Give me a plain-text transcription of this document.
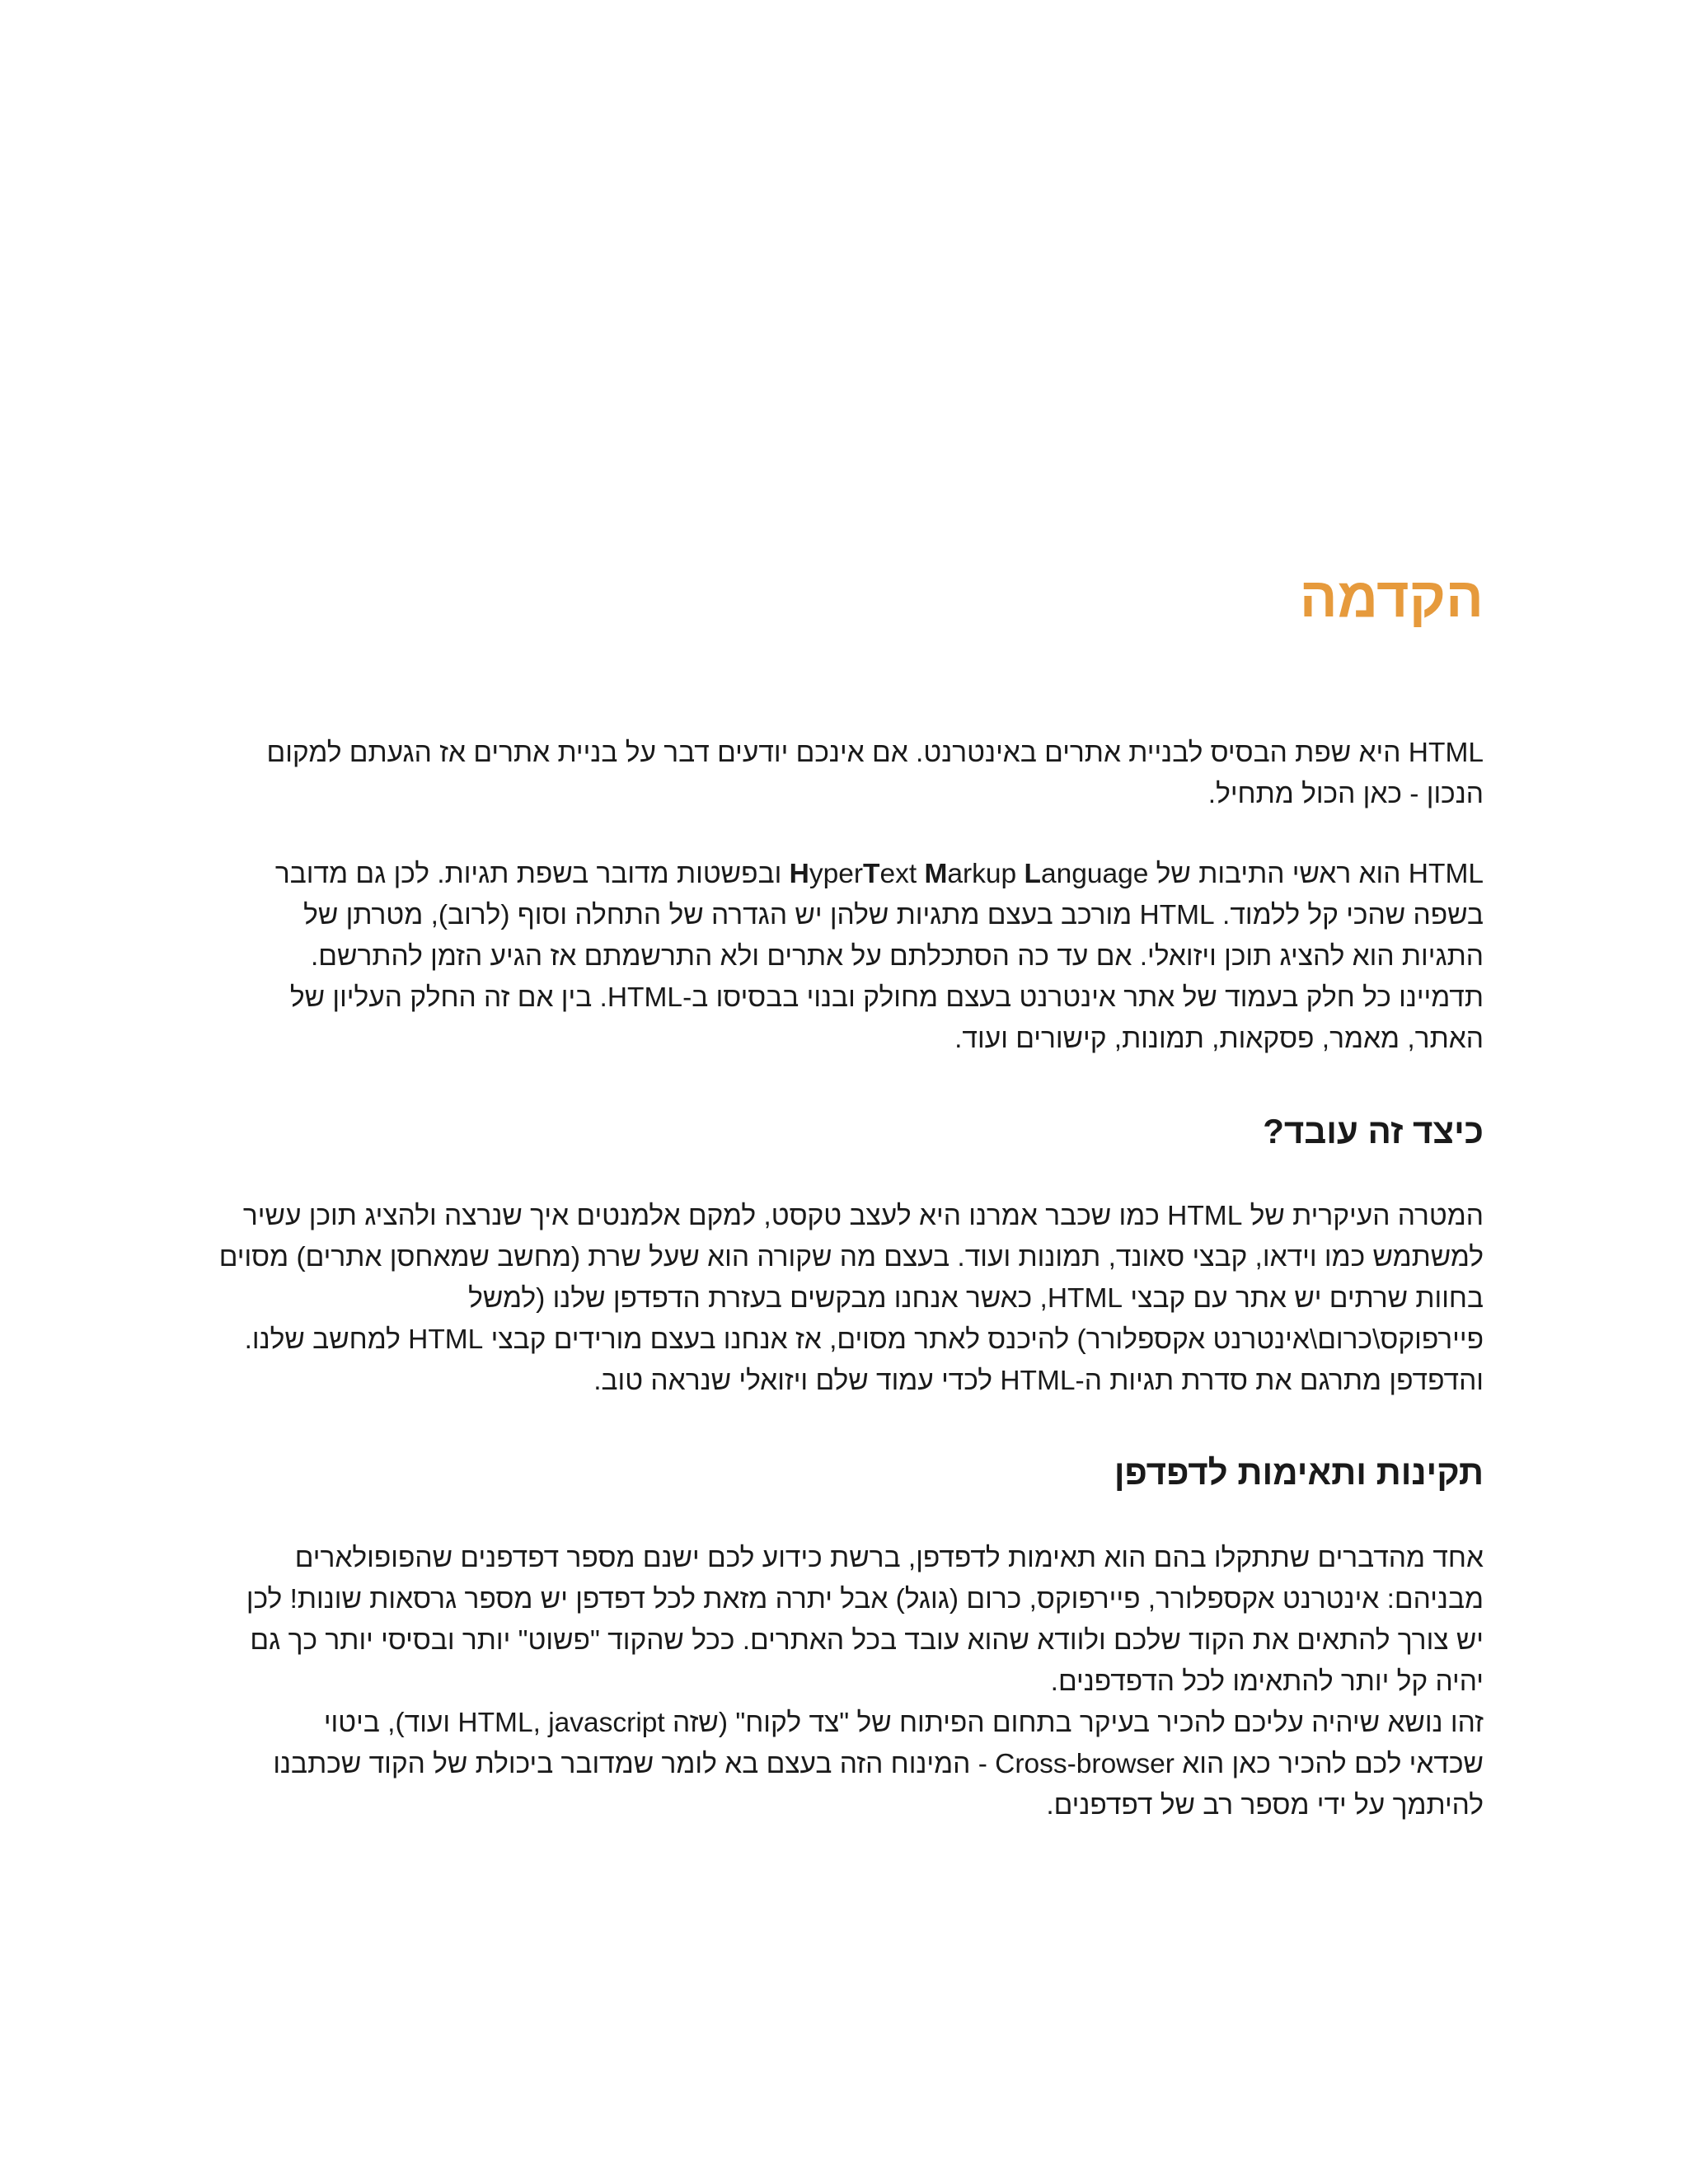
הקדמה
HTML היא שפת הבסיס לבניית אתרים באינטרנט. אם אינכם יודעים דבר על בניית אתרים אז הגעתם למקום
הנכון - כאן הכול מתחיל.
HTML הוא ראשי התיבות של HyperText Markup Language ובפשטות מדובר בשפת תגיות. לכן גם מדובר
בשפה שהכי קל ללמוד. HTML מורכב בעצם מתגיות שלהן יש הגדרה של התחלה וסוף (לרוב), מטרתן של
התגיות הוא להציג תוכן ויזואלי. אם עד כה הסתכלתם על אתרים ולא התרשמתם אז הגיע הזמן להתרשם.
תדמיינו כל חלק בעמוד של אתר אינטרנט בעצם מחולק ובנוי בבסיסו ב-HTML. בין אם זה החלק העליון של
האתר, מאמר, פסקאות, תמונות, קישורים ועוד.
כיצד זה עובד?
המטרה העיקרית של HTML כמו שכבר אמרנו היא לעצב טקסט, למקם אלמנטים איך שנרצה ולהציג תוכן עשיר
למשתמש כמו וידאו, קבצי סאונד, תמונות ועוד. בעצם מה שקורה הוא שעל שרת (מחשב שמאחסן אתרים) מסוים
בחוות שרתים יש אתר עם קבצי HTML, כאשר אנחנו מבקשים בעזרת הדפדפן שלנו (למשל
פיירפוקס\כרום\אינטרנט אקספלורר) להיכנס לאתר מסוים, אז אנחנו בעצם מורידים קבצי HTML למחשב שלנו.
והדפדפן מתרגם את סדרת תגיות ה-HTML לכדי עמוד שלם ויזואלי שנראה טוב.
תקינות ותאימות לדפדפן
אחד מהדברים שתתקלו בהם הוא תאימות לדפדפן, ברשת כידוע לכם ישנם מספר דפדפנים שהפופולארים
מבניהם: אינטרנט אקספלורר, פיירפוקס, כרום (גוגל) אבל יתרה מזאת לכל דפדפן יש מספר גרסאות שונות! לכן
יש צורך להתאים את הקוד שלכם ולוודא שהוא עובד בכל האתרים. ככל שהקוד "פשוט" יותר ובסיסי יותר כך גם
יהיה קל יותר להתאימו לכל הדפדפנים.
זהו נושא שיהיה עליכם להכיר בעיקר בתחום הפיתוח של "צד לקוח" (שזה HTML, javascript ועוד), ביטוי
שכדאי לכם להכיר כאן הוא Cross-browser - המינוח הזה בעצם בא לומר שמדובר ביכולת של הקוד שכתבנו
להיתמך על ידי מספר רב של דפדפנים.
